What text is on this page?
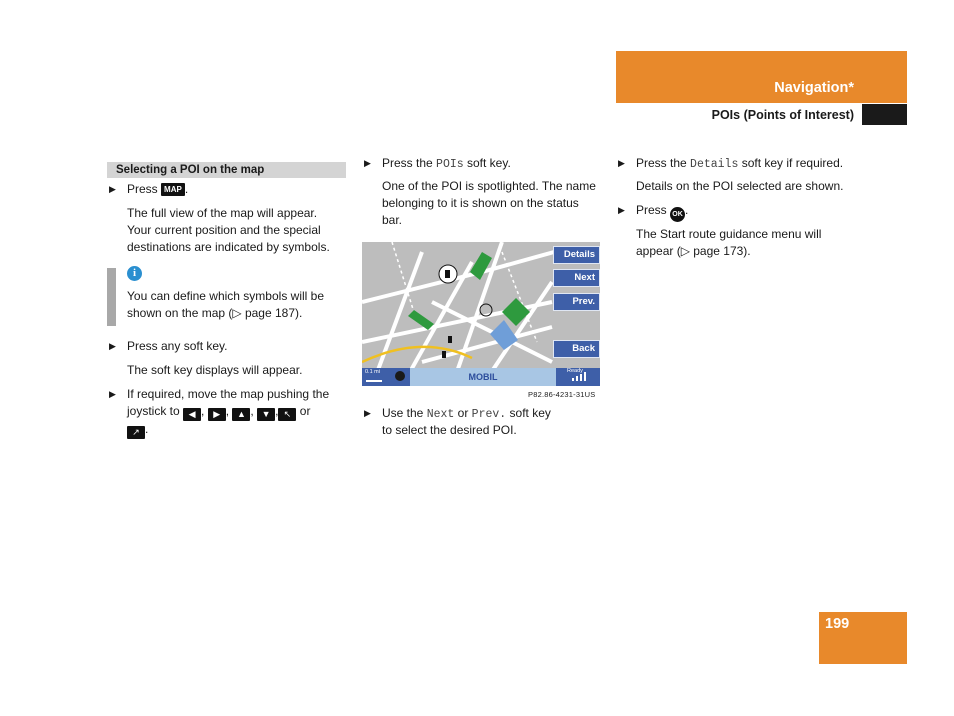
Navigation*
POIs (Points of Interest)
Selecting a POI on the map
▶ Press MAP .
The full view of the map will appear.
Your current position and the special
destinations are indicated by symbols.
i
You can define which symbols will be
shown on the map (▷ page 187).
▶ Press any soft key.
The soft key displays will appear.
▶ If required, move the map pushing the
joystick to ◀ , ▶ , ▲ , ▼ , ↖ or
↗ .
▶ Press the POIs soft key.
One of the POI is spotlighted. The name
belonging to it is shown on the status
bar.
Details
Next
Prev.
Back
MOBIL
0.1 mi	Ready
P82.86-4231-31US
▶ Use the Next or Prev. soft key
to select the desired POI.
▶ Press the Details soft key if required.
Details on the POI selected are shown.
▶ Press OK .
The Start route guidance menu will
appear (▷ page 173).
199
